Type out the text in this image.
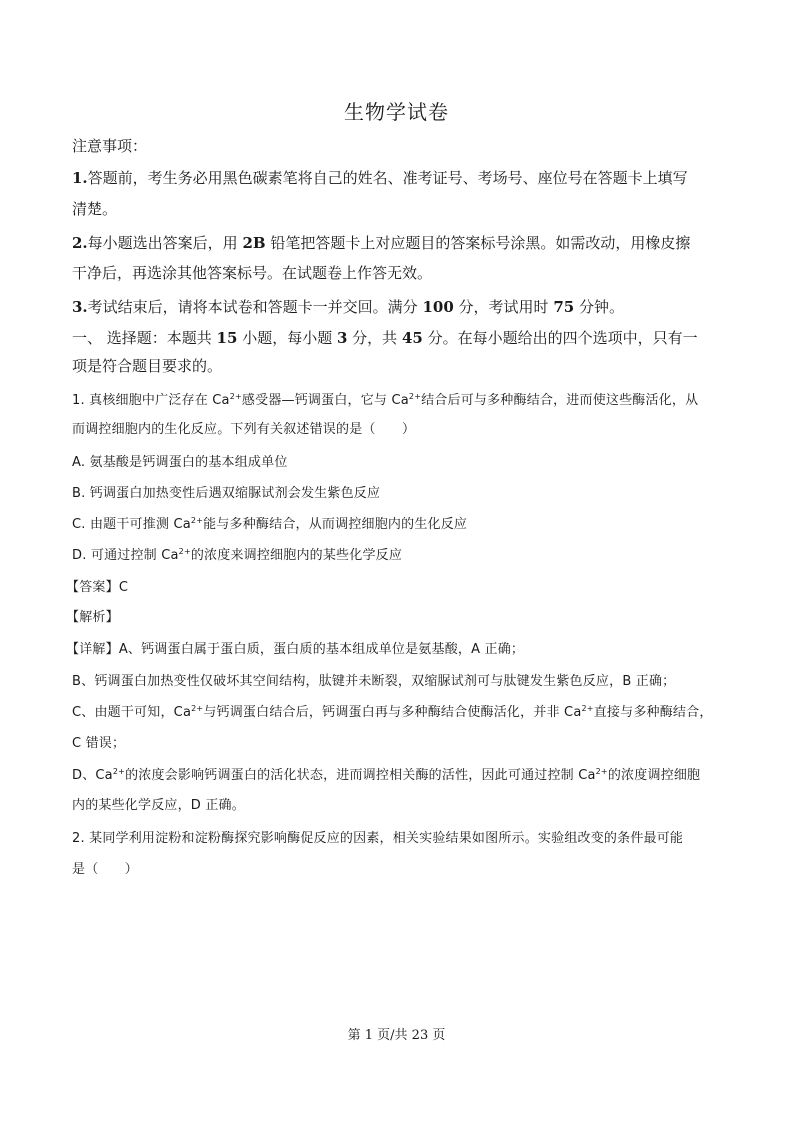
生物学试卷
注意事项：
1.答题前，考生务必用黑色碳素笔将自己的姓名、准考证号、考场号、座位号在答题卡上填写
清楚。
2.每小题选出答案后，用 2B 铅笔把答题卡上对应题目的答案标号涂黑。如需改动，用橡皮擦
干净后，再选涂其他答案标号。在试题卷上作答无效。
3.考试结束后，请将本试卷和答题卡一并交回。满分 100 分，考试用时 75 分钟。
一、 选择题：本题共 15 小题，每小题 3 分，共 45 分。在每小题给出的四个选项中，只有一
项是符合题目要求的。
1. 真核细胞中广泛存在 $Ca^{2+}$感受器—钙调蛋白，它与 $Ca^{2+}$结合后可与多种酶结合，进而使这些酶活化，从
而调控细胞内的生化反应。下列有关叙述错误的是（　　）
A. 氨基酸是钙调蛋白的基本组成单位
B. 钙调蛋白加热变性后遇双缩脲试剂会发生紫色反应
C. 由题干可推测 $Ca^{2+}$能与多种酶结合，从而调控细胞内的生化反应
D. 可通过控制 $Ca^{2+}$的浓度来调控细胞内的某些化学反应
【答案】C
【解析】
【详解】A、钙调蛋白属于蛋白质，蛋白质的基本组成单位是氨基酸，A 正确；
B、钙调蛋白加热变性仅破坏其空间结构，肽键并未断裂，双缩脲试剂可与肽键发生紫色反应，B 正确；
C、由题干可知，$Ca^{2+}$与钙调蛋白结合后，钙调蛋白再与多种酶结合使酶活化，并非 $Ca^{2+}$直接与多种酶结合，
C 错误；
D、$Ca^{2+}$的浓度会影响钙调蛋白的活化状态，进而调控相关酶的活性，因此可通过控制 $Ca^{2+}$的浓度调控细胞
内的某些化学反应，D 正确。
2. 某同学利用淀粉和淀粉酶探究影响酶促反应的因素，相关实验结果如图所示。实验组改变的条件最可能
是（　　）
第 1 页/共 23 页
